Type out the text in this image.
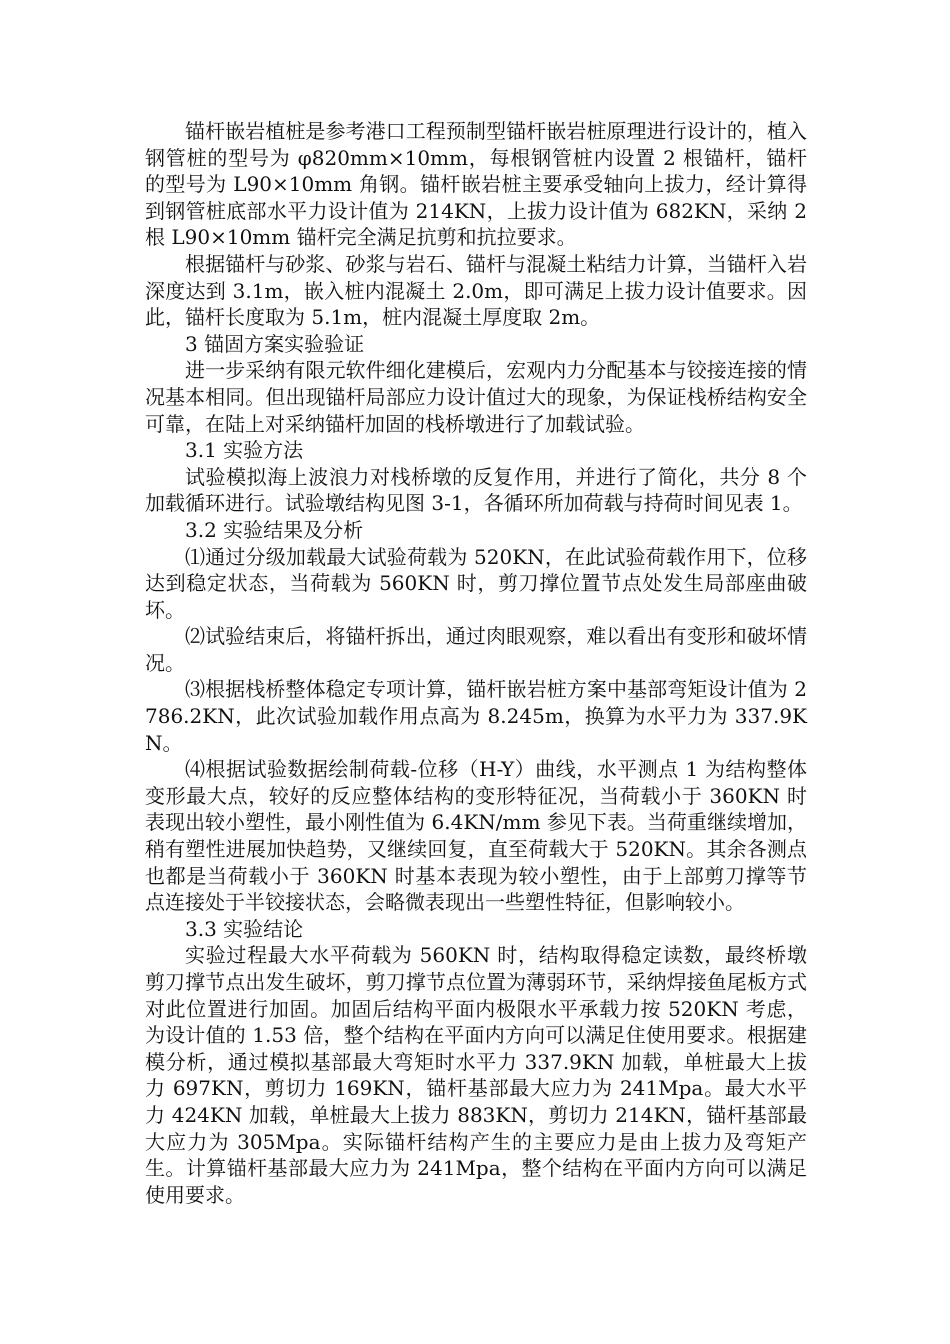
锚杆嵌岩植桩是参考港口工程预制型锚杆嵌岩桩原理进行设计的，植入钢管桩的型号为 φ820mm×10mm，每根钢管桩内设置 2 根锚杆，锚杆的型号为 L90×10mm 角钢。锚杆嵌岩桩主要承受轴向上拔力，经计算得到钢管桩底部水平力设计值为 214KN，上拔力设计值为 682KN，采纳 2 根 L90×10mm 锚杆完全满足抗剪和抗拉要求。

根据锚杆与砂浆、砂浆与岩石、锚杆与混凝土粘结力计算，当锚杆入岩深度达到 3.1m，嵌入桩内混凝土 2.0m，即可满足上拔力设计值要求。因此，锚杆长度取为 5.1m，桩内混凝土厚度取 2m。

3 锚固方案实验验证

进一步采纳有限元软件细化建模后，宏观内力分配基本与铰接连接的情况基本相同。但出现锚杆局部应力设计值过大的现象，为保证栈桥结构安全可靠，在陆上对采纳锚杆加固的栈桥墩进行了加载试验。

3.1 实验方法

试验模拟海上波浪力对栈桥墩的反复作用，并进行了简化，共分 8 个加载循环进行。试验墩结构见图 3-1，各循环所加荷载与持荷时间见表 1。

3.2 实验结果及分析

⑴通过分级加载最大试验荷载为 520KN，在此试验荷载作用下，位移达到稳定状态，当荷载为 560KN 时，剪刀撑位置节点处发生局部座曲破坏。

⑵试验结束后，将锚杆拆出，通过肉眼观察，难以看出有变形和破坏情况。

⑶根据栈桥整体稳定专项计算，锚杆嵌岩桩方案中基部弯矩设计值为 2786.2KN，此次试验加载作用点高为 8.245m，换算为水平力为 337.9KN。

⑷根据试验数据绘制荷载-位移（H-Y）曲线，水平测点 1 为结构整体变形最大点，较好的反应整体结构的变形特征况，当荷载小于 360KN 时表现出较小塑性，最小刚性值为 6.4KN/mm 参见下表。当荷重继续增加，稍有塑性进展加快趋势，又继续回复，直至荷载大于 520KN。其余各测点也都是当荷载小于 360KN 时基本表现为较小塑性，由于上部剪刀撑等节点连接处于半铰接状态，会略微表现出一些塑性特征，但影响较小。

3.3 实验结论

实验过程最大水平荷载为 560KN 时，结构取得稳定读数，最终桥墩剪刀撑节点出发生破坏，剪刀撑节点位置为薄弱环节，采纳焊接鱼尾板方式对此位置进行加固。加固后结构平面内极限水平承载力按 520KN 考虑，为设计值的 1.53 倍，整个结构在平面内方向可以满足住使用要求。根据建模分析，通过模拟基部最大弯矩时水平力 337.9KN 加载，单桩最大上拔力 697KN，剪切力 169KN，锚杆基部最大应力为 241Mpa。最大水平力 424KN 加载，单桩最大上拔力 883KN，剪切力 214KN，锚杆基部最大应力为 305Mpa。实际锚杆结构产生的主要应力是由上拔力及弯矩产生。计算锚杆基部最大应力为 241Mpa，整个结构在平面内方向可以满足使用要求。
